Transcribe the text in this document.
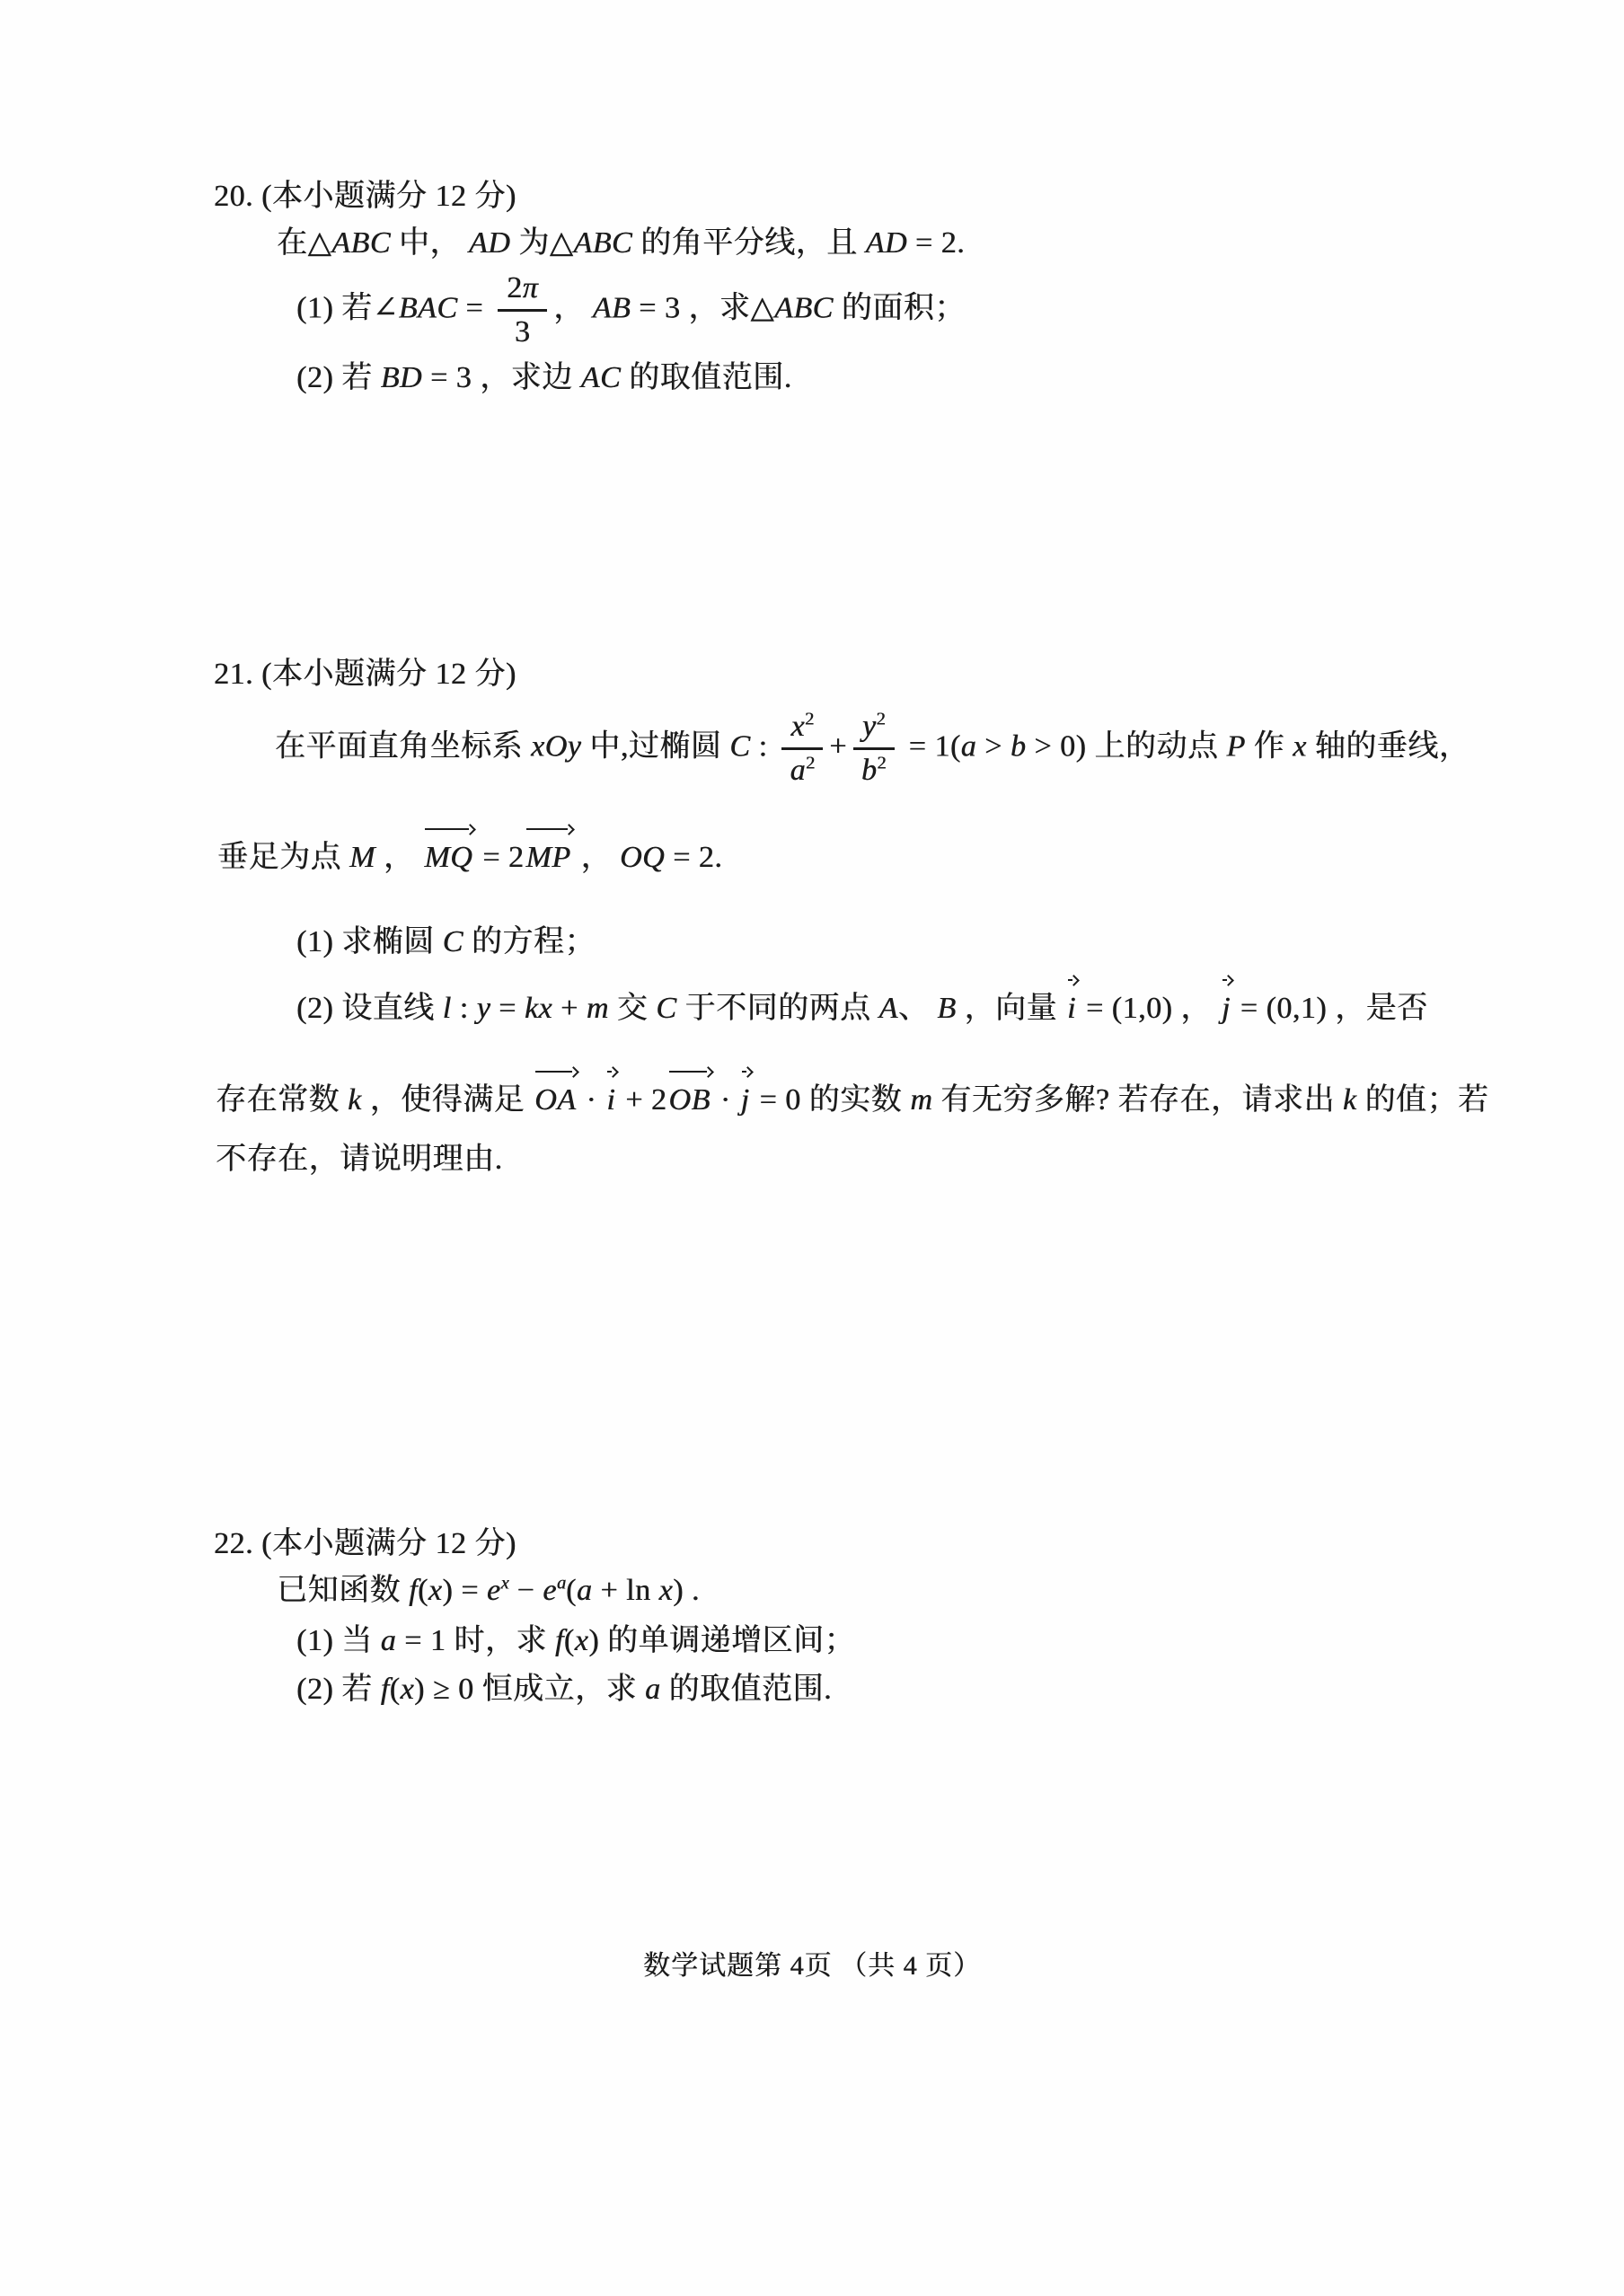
20. (本小题满分 12 分)
在△ABC 中， AD 为△ABC 的角平分线，且 AD = 2.
(1) 若∠BAC = $\frac{2\pi}{3}$ ， AB = 3 ，求△ABC 的面积；
(2) 若 BD = 3 ，求边 AC 的取值范围.
21. (本小题满分 12 分)
在平面直角坐标系 xOy 中,过椭圆 C : $\frac{x^2}{a^2} + \frac{y^2}{b^2} = 1(a > b > 0)$ 上的动点 P 作 x 轴的垂线，
垂足为点 M ， MQ = 2MP ， OQ = 2.
(1) 求椭圆 C 的方程；
(2) 设直线 l : y = kx + m 交 C 于不同的两点 A、 B ，向量 i = (1,0) ， j = (0,1) ，是否
存在常数 k ，使得满足 OA · i + 2OB · j = 0 的实数 m 有无穷多解? 若存在，请求出 k 的值；若
不存在，请说明理由.
22. (本小题满分 12 分)
已知函数 $f(x) = e^x - e^a(a + \ln x)$ .
(1) 当 a = 1 时，求 f(x) 的单调递增区间；
(2) 若 f(x) ≥ 0 恒成立，求 a 的取值范围.
数学试题第 4页 （共 4 页）
